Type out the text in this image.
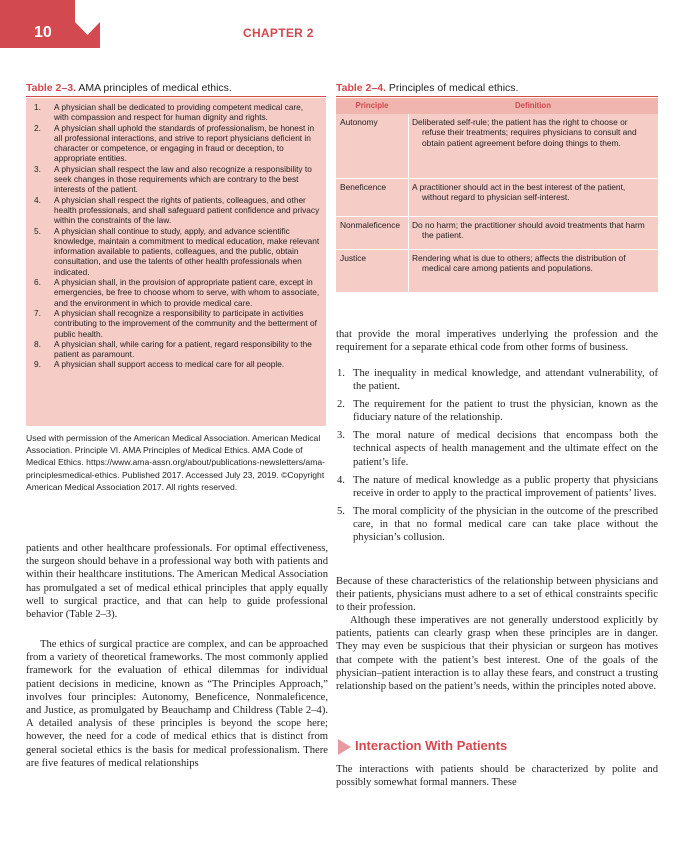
10	CHAPTER 2
Table 2–3. AMA principles of medical ethics.
1. A physician shall be dedicated to providing competent medical care, with compassion and respect for human dignity and rights.
2. A physician shall uphold the standards of professionalism, be honest in all professional interactions, and strive to report physicians deficient in character or competence, or engaging in fraud or deception, to appropriate entities.
3. A physician shall respect the law and also recognize a responsibility to seek changes in those requirements which are contrary to the best interests of the patient.
4. A physician shall respect the rights of patients, colleagues, and other health professionals, and shall safeguard patient confidence and privacy within the constraints of the law.
5. A physician shall continue to study, apply, and advance scientific knowledge, maintain a commitment to medical education, make relevant information available to patients, colleagues, and the public, obtain consultation, and use the talents of other health professionals when indicated.
6. A physician shall, in the provision of appropriate patient care, except in emergencies, be free to choose whom to serve, with whom to associate, and the environment in which to provide medical care.
7. A physician shall recognize a responsibility to participate in activities contributing to the improvement of the community and the betterment of public health.
8. A physician shall, while caring for a patient, regard responsibility to the patient as paramount.
9. A physician shall support access to medical care for all people.
Used with permission of the American Medical Association. American Medical Association. Principle VI. AMA Principles of Medical Ethics. AMA Code of Medical Ethics. https://www.ama-assn.org/about/publications-newsletters/ama-principlesmedical-ethics. Published 2017. Accessed July 23, 2019. ©Copyright American Medical Association 2017. All rights reserved.
Table 2–4. Principles of medical ethics.
Principle	Definition
Autonomy	Deliberated self-rule; the patient has the right to choose or refuse their treatments; requires physicians to consult and obtain patient agreement before doing things to them.
Beneficence	A practitioner should act in the best interest of the patient, without regard to physician self-interest.
Nonmaleficence	Do no harm; the practitioner should avoid treatments that harm the patient.
Justice	Rendering what is due to others; affects the distribution of medical care among patients and populations.
patients and other healthcare professionals. For optimal effectiveness, the surgeon should behave in a professional way both with patients and within their healthcare institutions. The American Medical Association has promulgated a set of medical ethical principles that apply equally well to surgical practice, and that can help to guide professional behavior (Table 2–3).
The ethics of surgical practice are complex, and can be approached from a variety of theoretical frameworks. The most commonly applied framework for the evaluation of ethical dilemmas for individual patient decisions in medicine, known as “The Principles Approach,” involves four principles: Autonomy, Beneficence, Nonmaleficence, and Justice, as promulgated by Beauchamp and Childress (Table 2–4). A detailed analysis of these principles is beyond the scope here; however, the need for a code of medical ethics that is distinct from general societal ethics is the basis for medical professionalism. There are five features of medical relationships
that provide the moral imperatives underlying the profession and the requirement for a separate ethical code from other forms of business.
1. The inequality in medical knowledge, and attendant vulnerability, of the patient.
2. The requirement for the patient to trust the physician, known as the fiduciary nature of the relationship.
3. The moral nature of medical decisions that encompass both the technical aspects of health management and the ultimate effect on the patient’s life.
4. The nature of medical knowledge as a public property that physicians receive in order to apply to the practical improvement of patients’ lives.
5. The moral complicity of the physician in the outcome of the prescribed care, in that no formal medical care can take place without the physician’s collusion.
Because of these characteristics of the relationship between physicians and their patients, physicians must adhere to a set of ethical constraints specific to their profession.
Although these imperatives are not generally understood explicitly by patients, patients can clearly grasp when these principles are in danger. They may even be suspicious that their physician or surgeon has motives that compete with the patient’s best interest. One of the goals of the physician–patient interaction is to allay these fears, and construct a trusting relationship based on the patient’s needs, within the principles noted above.
Interaction With Patients
The interactions with patients should be characterized by polite and possibly somewhat formal manners. These
